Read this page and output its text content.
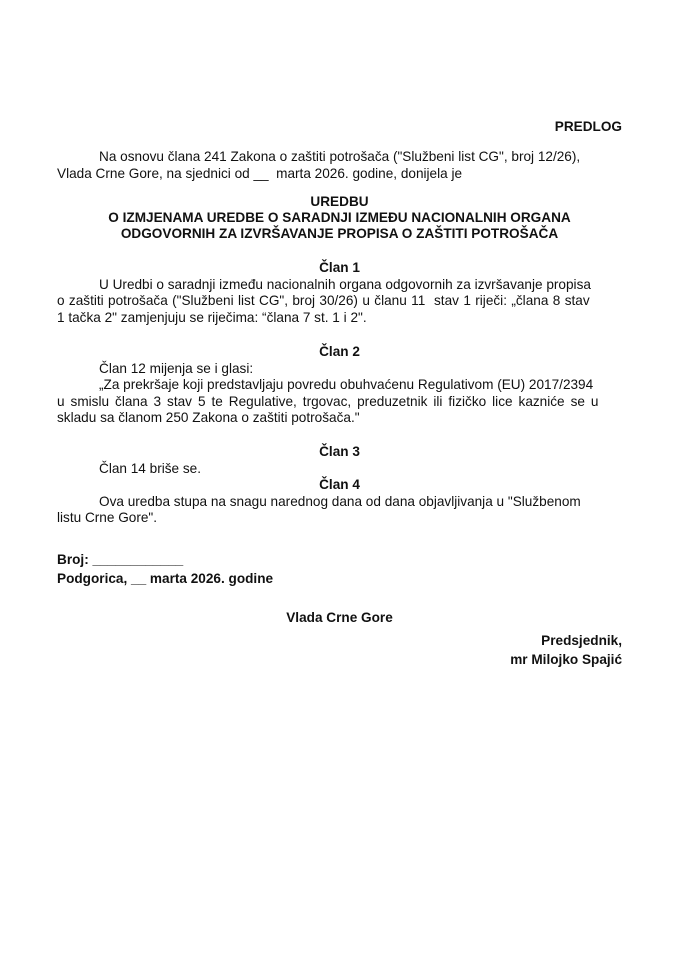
PREDLOG
Na osnovu člana 241 Zakona o zaštiti potrošača ("Službeni list CG", broj 12/26),
Vlada Crne Gore, na sjednici od __  marta 2026. godine, donijela je
UREDBU
O IZMJENAMA UREDBE O SARADNJI IZMEĐU NACIONALNIH ORGANA
ODGOVORNIH ZA IZVRŠAVANJE PROPISA O ZAŠTITI POTROŠAČA
Član 1
U Uredbi o saradnji između nacionalnih organa odgovornih za izvršavanje propisa
o zaštiti potrošača ("Službeni list CG", broj 30/26) u članu 11  stav 1 riječi: „člana 8 stav
1 tačka 2" zamjenjuju se riječima: “člana 7 st. 1 i 2".
Član 2
Član 12 mijenja se i glasi:
„Za prekršaje koji predstavljaju povredu obuhvaćenu Regulativom (EU) 2017/2394
u smislu člana 3 stav 5 te Regulative, trgovac, preduzetnik ili fizičko lice kazniće se u
skladu sa članom 250 Zakona o zaštiti potrošača."
Član 3
Član 14 briše se.
Član 4
Ova uredba stupa na snagu narednog dana od dana objavljivanja u "Službenom
listu Crne Gore".
Broj: ____________
Podgorica, __ marta 2026. godine
Vlada Crne Gore
Predsjednik,
mr Milojko Spajić
